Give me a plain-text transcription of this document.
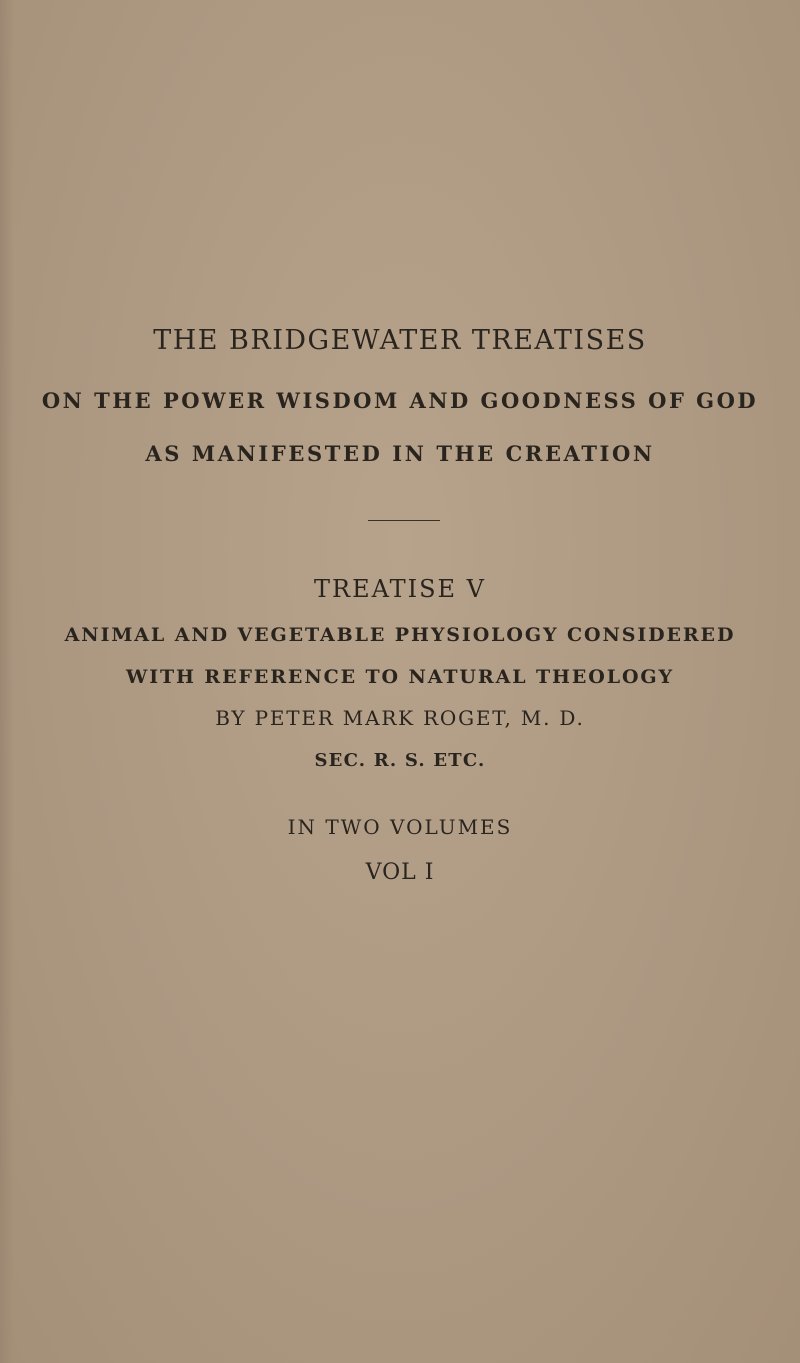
THE BRIDGEWATER TREATISES
ON THE POWER WISDOM AND GOODNESS OF GOD
AS MANIFESTED IN THE CREATION
TREATISE V
ANIMAL AND VEGETABLE PHYSIOLOGY CONSIDERED
WITH REFERENCE TO NATURAL THEOLOGY
BY PETER MARK ROGET, M. D.
SEC. R. S. ETC.
IN TWO VOLUMES
VOL I
